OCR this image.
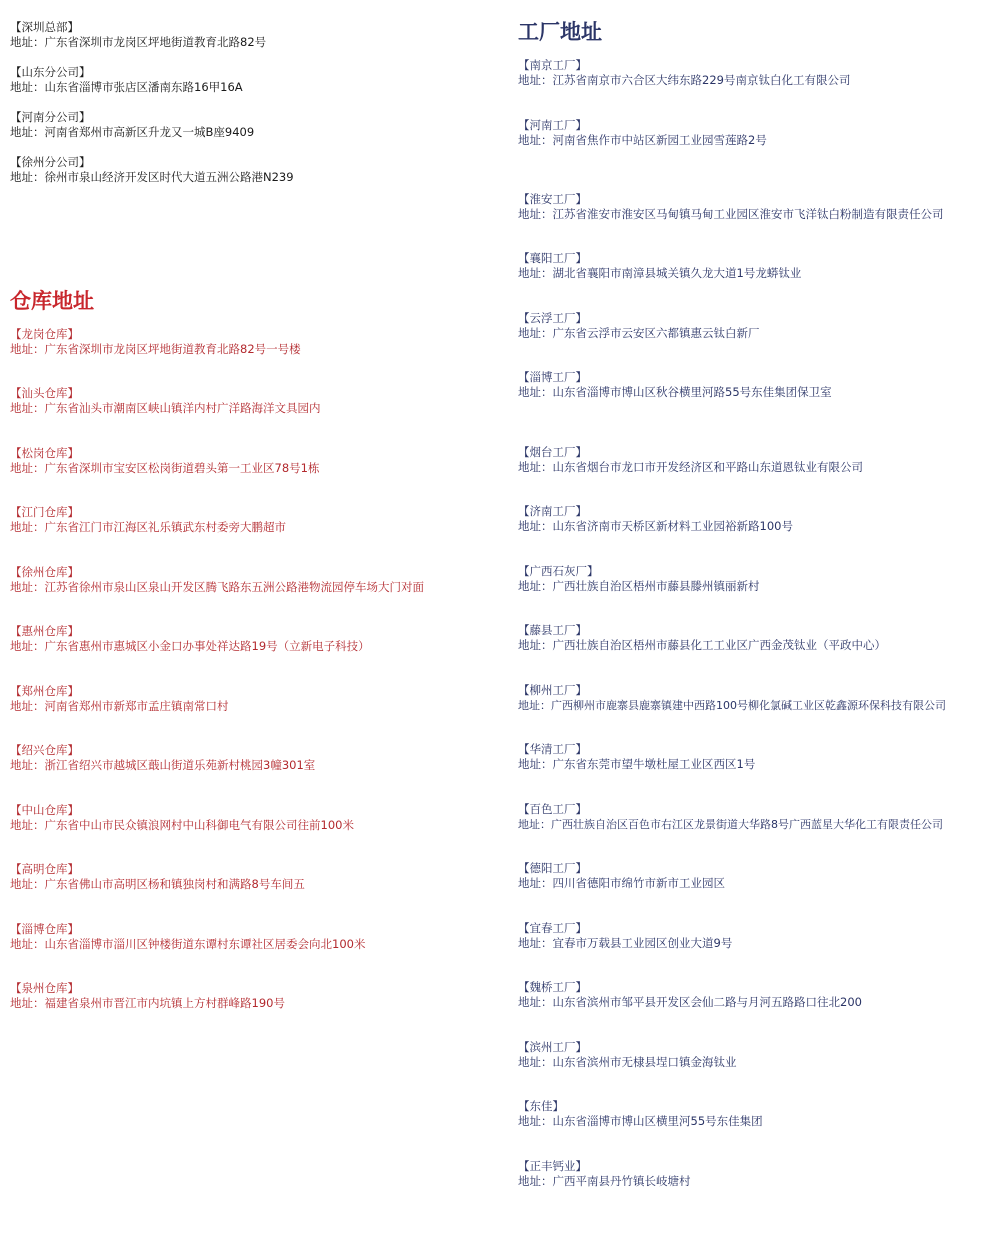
【深圳总部】
地址：广东省深圳市龙岗区坪地街道教育北路82号
【山东分公司】
地址：山东省淄博市张店区潘南东路16甲16A
【河南分公司】
地址：河南省郑州市高新区升龙又一城B座9409
【徐州分公司】
地址：徐州市泉山经济开发区时代大道五洲公路港N239
仓库地址
【龙岗仓库】
地址：广东省深圳市龙岗区坪地街道教育北路82号一号楼
【汕头仓库】
地址：广东省汕头市潮南区峡山镇洋内村广洋路海洋文具园内
【松岗仓库】
地址：广东省深圳市宝安区松岗街道碧头第一工业区78号1栋
【江门仓库】
地址：广东省江门市江海区礼乐镇武东村委旁大鹏超市
【徐州仓库】
地址：江苏省徐州市泉山区泉山开发区腾飞路东五洲公路港物流园停车场大门对面
【惠州仓库】
地址：广东省惠州市惠城区小金口办事处祥达路19号（立新电子科技）
【郑州仓库】
地址：河南省郑州市新郑市孟庄镇南常口村
【绍兴仓库】
地址：浙江省绍兴市越城区蕺山街道乐苑新村桃园3幢301室
【中山仓库】
地址：广东省中山市民众镇浪网村中山科御电气有限公司往前100米
【高明仓库】
地址：广东省佛山市高明区杨和镇独岗村和满路8号车间五
【淄博仓库】
地址：山东省淄博市淄川区钟楼街道东谭村东谭社区居委会向北100米
【泉州仓库】
地址：福建省泉州市晋江市内坑镇上方村群峰路190号
工厂地址
【南京工厂】
地址：江苏省南京市六合区大纬东路229号南京钛白化工有限公司
【河南工厂】
地址：河南省焦作市中站区新园工业园雪莲路2号
【淮安工厂】
地址：江苏省淮安市淮安区马甸镇马甸工业园区淮安市飞洋钛白粉制造有限责任公司
【襄阳工厂】
地址：湖北省襄阳市南漳县城关镇久龙大道1号龙蟒钛业
【云浮工厂】
地址：广东省云浮市云安区六都镇惠云钛白新厂
【淄博工厂】
地址：山东省淄博市博山区秋谷横里河路55号东佳集团保卫室
【烟台工厂】
地址：山东省烟台市龙口市开发经济区和平路山东道恩钛业有限公司
【济南工厂】
地址：山东省济南市天桥区新材料工业园裕新路100号
【广西石灰厂】
地址：广西壮族自治区梧州市藤县滕州镇丽新村
【藤县工厂】
地址：广西壮族自治区梧州市藤县化工工业区广西金茂钛业（平政中心）
【柳州工厂】
地址：广西柳州市鹿寨县鹿寨镇建中西路100号柳化氯碱工业区乾鑫源环保科技有限公司
【华清工厂】
地址：广东省东莞市望牛墩杜屋工业区西区1号
【百色工厂】
地址：广西壮族自治区百色市右江区龙景街道大华路8号广西蓝星大华化工有限责任公司
【德阳工厂】
地址：四川省德阳市绵竹市新市工业园区
【宜春工厂】
地址：宜春市万载县工业园区创业大道9号
【魏桥工厂】
地址：山东省滨州市邹平县开发区会仙二路与月河五路路口往北200
【滨州工厂】
地址：山东省滨州市无棣县埕口镇金海钛业
【东佳】
地址：山东省淄博市博山区横里河55号东佳集团
【正丰钙业】
地址：广西平南县丹竹镇长岐塘村
